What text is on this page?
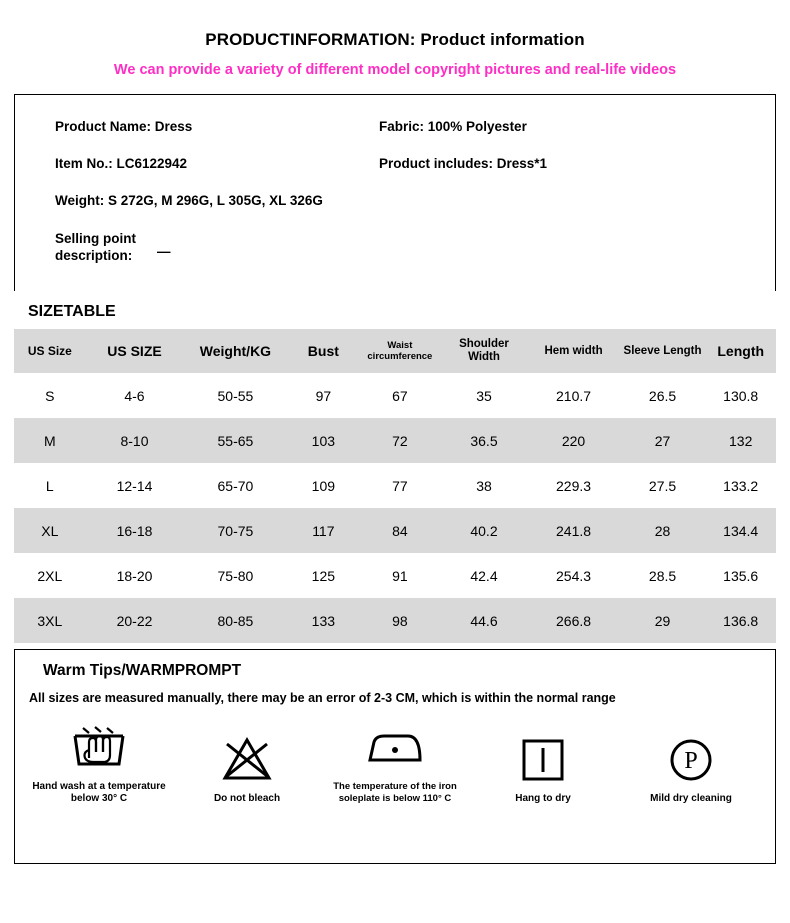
PRODUCTINFORMATION: Product information
We can provide a variety of different model copyright pictures and real-life videos
Product Name: Dress	Fabric: 100% Polyester
Item No.: LC6122942	Product includes: Dress*1
Weight: S 272G, M 296G, L 305G, XL 326G
Selling point description:	—
SIZETABLE
US Size	US SIZE	Weight/KG	Bust	Waist circumference	Shoulder Width	Hem width	Sleeve Length	Length
S	4-6	50-55	97	67	35	210.7	26.5	130.8
M	8-10	55-65	103	72	36.5	220	27	132
L	12-14	65-70	109	77	38	229.3	27.5	133.2
XL	16-18	70-75	117	84	40.2	241.8	28	134.4
2XL	18-20	75-80	125	91	42.4	254.3	28.5	135.6
3XL	20-22	80-85	133	98	44.6	266.8	29	136.8
Warm Tips/WARMPROMPT
All sizes are measured manually, there may be an error of 2-3 CM, which is within the normal range
Hand wash at a temperature below 30° C	Do not bleach
The temperature of the iron soleplate is below 110° C	Hang to dry
P
Mild dry cleaning
